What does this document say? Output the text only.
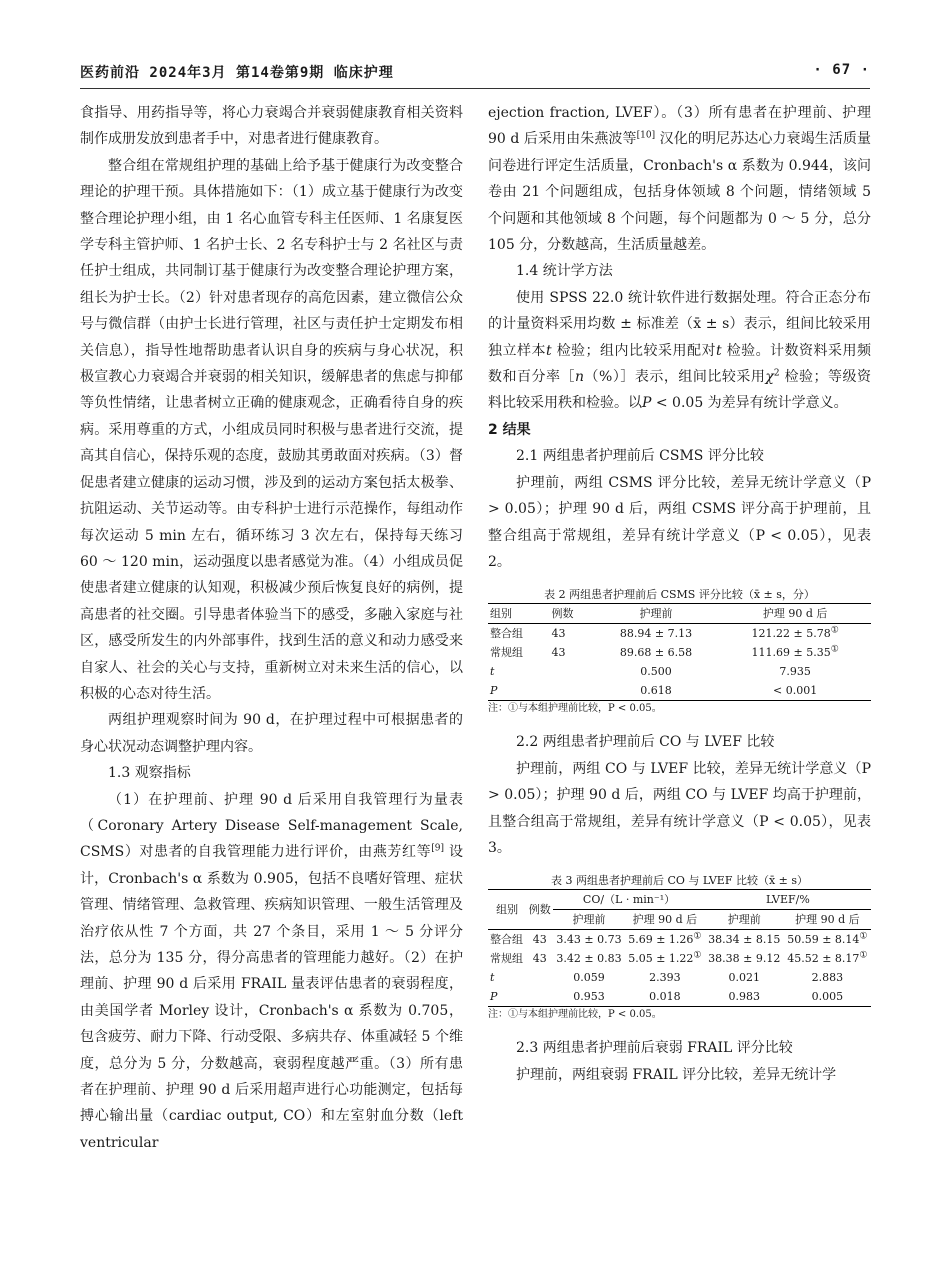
医药前沿 2024年3月 第14卷第9期 临床护理	· 67 ·

食指导、用药指导等，将心力衰竭合并衰弱健康教育相关资料制作成册发放到患者手中，对患者进行健康教育。

整合组在常规组护理的基础上给予基于健康行为改变整合理论的护理干预。具体措施如下：（1）成立基于健康行为改变整合理论护理小组，由 1 名心血管专科主任医师、1 名康复医学专科主管护师、1 名护士长、2 名专科护士与 2 名社区与责任护士组成，共同制订基于健康行为改变整合理论护理方案，组长为护士长。（2）针对患者现存的高危因素，建立微信公众号与微信群（由护士长进行管理，社区与责任护士定期发布相关信息），指导性地帮助患者认识自身的疾病与身心状况，积极宣教心力衰竭合并衰弱的相关知识，缓解患者的焦虑与抑郁等负性情绪，让患者树立正确的健康观念，正确看待自身的疾病。采用尊重的方式，小组成员同时积极与患者进行交流，提高其自信心，保持乐观的态度，鼓励其勇敢面对疾病。（3）督促患者建立健康的运动习惯，涉及到的运动方案包括太极拳、抗阻运动、关节运动等。由专科护士进行示范操作，每组动作每次运动 5 min 左右，循环练习 3 次左右，保持每天练习 60 ～ 120 min，运动强度以患者感觉为准。（4）小组成员促使患者建立健康的认知观，积极减少预后恢复良好的病例，提高患者的社交圈。引导患者体验当下的感受，多融入家庭与社区，感受所发生的内外部事件，找到生活的意义和动力感受来自家人、社会的关心与支持，重新树立对未来生活的信心，以积极的心态对待生活。

两组护理观察时间为 90 d，在护理过程中可根据患者的身心状况动态调整护理内容。

1.3 观察指标

（1）在护理前、护理 90 d 后采用自我管理行为量表（Coronary Artery Disease Self-management Scale, CSMS）对患者的自我管理能力进行评价，由燕芳红等[9] 设计，Cronbach's α 系数为 0.905，包括不良嗜好管理、症状管理、情绪管理、急救管理、疾病知识管理、一般生活管理及治疗依从性 7 个方面，共 27 个条目，采用 1 ～ 5 分评分法，总分为 135 分，得分高患者的管理能力越好。（2）在护理前、护理 90 d 后采用 FRAIL 量表评估患者的衰弱程度，由美国学者 Morley 设计，Cronbach's α 系数为 0.705，包含疲劳、耐力下降、行动受限、多病共存、体重减轻 5 个维度，总分为 5 分，分数越高，衰弱程度越严重。（3）所有患者在护理前、护理 90 d 后采用超声进行心功能测定，包括每搏心输出量（cardiac output, CO）和左室射血分数（left ventricular

ejection fraction, LVEF）。（3）所有患者在护理前、护理 90 d 后采用由朱燕波等[10] 汉化的明尼苏达心力衰竭生活质量问卷进行评定生活质量，Cronbach's α 系数为 0.944，该问卷由 21 个问题组成，包括身体领域 8 个问题，情绪领域 5 个问题和其他领域 8 个问题，每个问题都为 0 ～ 5 分，总分 105 分，分数越高，生活质量越差。

1.4 统计学方法

使用 SPSS 22.0 统计软件进行数据处理。符合正态分布的计量资料采用均数 ± 标准差（x̄ ± s）表示，组间比较采用独立样本t 检验；组内比较采用配对t 检验。计数资料采用频数和百分率［n（%）］表示，组间比较采用$\chi^2$ 检验；等级资料比较采用秩和检验。以P < 0.05 为差异有统计学意义。

2 结果

2.1 两组患者护理前后 CSMS 评分比较

护理前，两组 CSMS 评分比较，差异无统计学意义（P > 0.05）；护理 90 d 后，两组 CSMS 评分高于护理前，且整合组高于常规组，差异有统计学意义（P < 0.05），见表 2。

表 2 两组患者护理前后 CSMS 评分比较（x̄ ± s，分）
组别	例数	护理前	护理 90 d 后
整合组	43	88.94 ± 7.13	121.22 ± 5.78①
常规组	43	89.68 ± 6.58	111.69 ± 5.35①
t		0.500	7.935
P		0.618	< 0.001
注：①与本组护理前比较，P < 0.05。

2.2 两组患者护理前后 CO 与 LVEF 比较

护理前，两组 CO 与 LVEF 比较，差异无统计学意义（P > 0.05）；护理 90 d 后，两组 CO 与 LVEF 均高于护理前，且整合组高于常规组，差异有统计学意义（P < 0.05），见表 3。

表 3 两组患者护理前后 CO 与 LVEF 比较（x̄ ± s）
组别	例数	CO/（L · min⁻¹）		LVEF/%	
		护理前	护理 90 d 后	护理前	护理 90 d 后
整合组	43	3.43 ± 0.73	5.69 ± 1.26①	38.34 ± 8.15	50.59 ± 8.14①
常规组	43	3.42 ± 0.83	5.05 ± 1.22①	38.38 ± 9.12	45.52 ± 8.17①
t		0.059	2.393	0.021	2.883
P		0.953	0.018	0.983	0.005
注：①与本组护理前比较，P < 0.05。

2.3 两组患者护理前后衰弱 FRAIL 评分比较

护理前，两组衰弱 FRAIL 评分比较，差异无统计学
